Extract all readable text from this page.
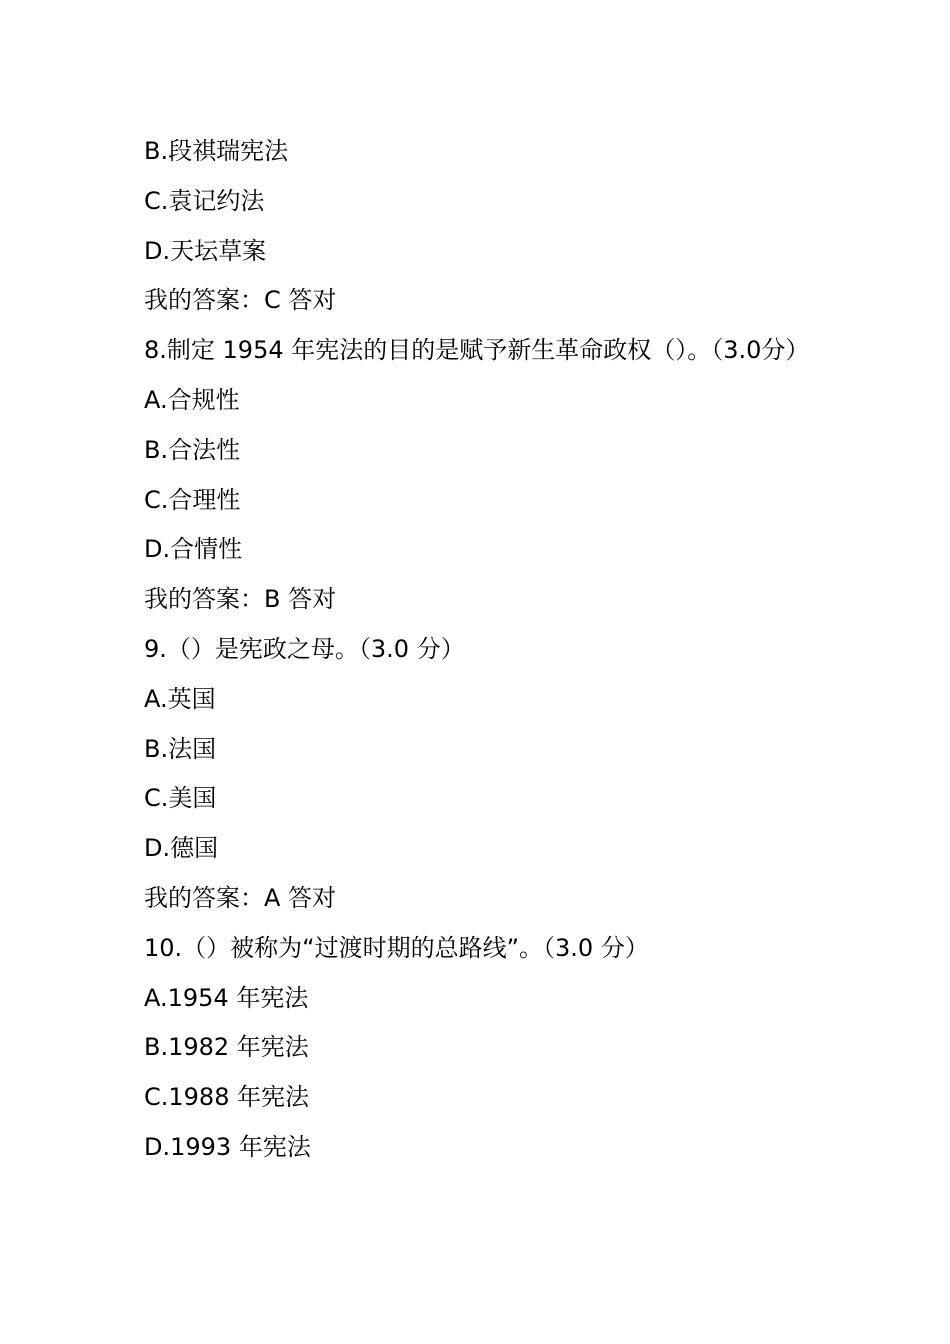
B.段祺瑞宪法
C.袁记约法
D.天坛草案
我的答案：C 答对
8.制定 1954 年宪法的目的是赋予新生革命政权（）。（3.0分）
A.合规性
B.合法性
C.合理性
D.合情性
我的答案：B 答对
9.（）是宪政之母。（3.0 分）
A.英国
B.法国
C.美国
D.德国
我的答案：A 答对
10.（）被称为“过渡时期的总路线”。（3.0 分）
A.1954 年宪法
B.1982 年宪法
C.1988 年宪法
D.1993 年宪法
